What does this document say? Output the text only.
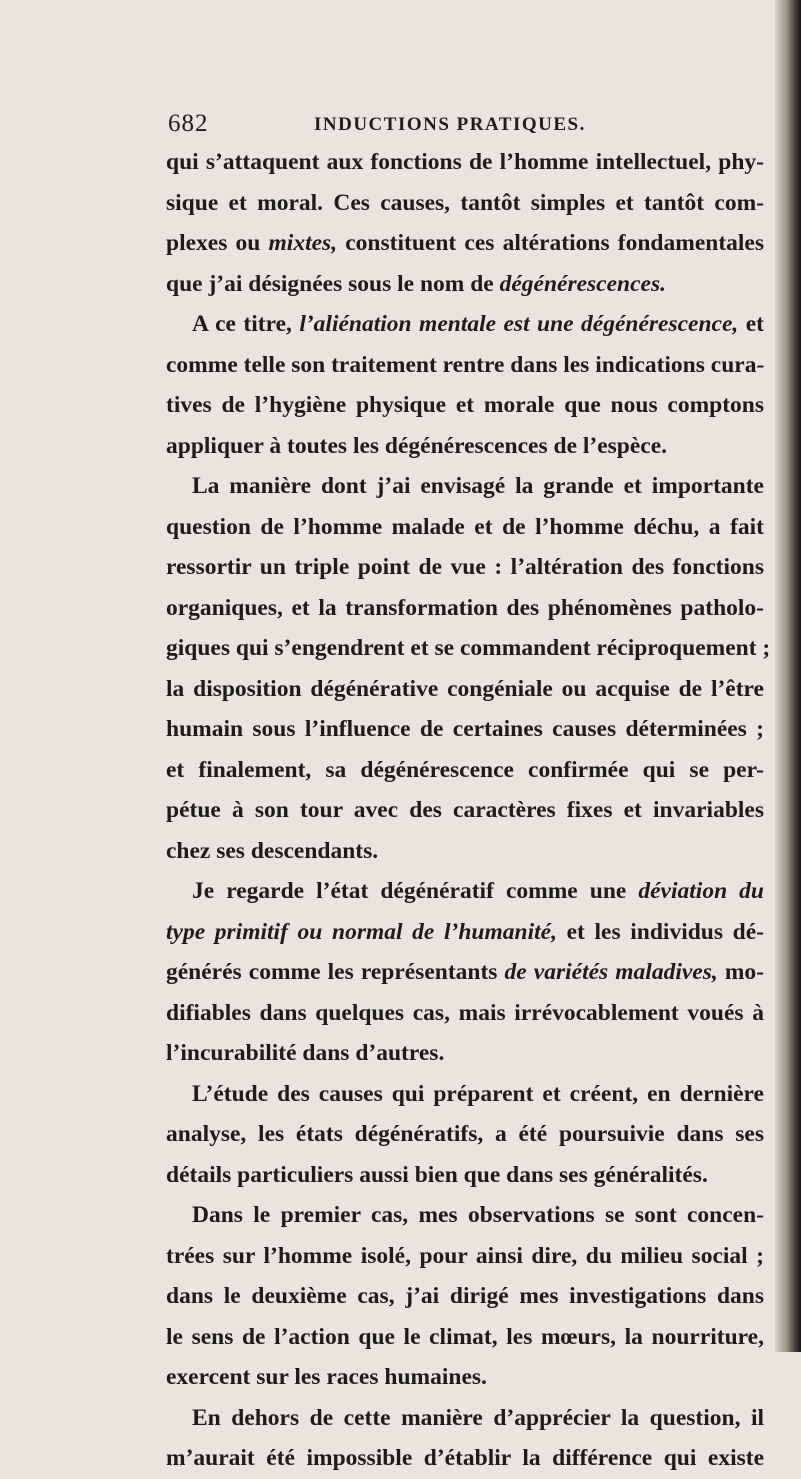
682	INDUCTIONS PRATIQUES.
qui s’attaquent aux fonctions de l’homme intellectuel, phy-
sique et moral. Ces causes, tantôt simples et tantôt com-
plexes ou mixtes, constituent ces altérations fondamentales
que j’ai désignées sous le nom de dégénérescences.
A ce titre, l’aliénation mentale est une dégénérescence, et
comme telle son traitement rentre dans les indications cura-
tives de l’hygiène physique et morale que nous comptons
appliquer à toutes les dégénérescences de l’espèce.
La manière dont j’ai envisagé la grande et importante
question de l’homme malade et de l’homme déchu, a fait
ressortir un triple point de vue : l’altération des fonctions
organiques, et la transformation des phénomènes patholo-
giques qui s’engendrent et se commandent réciproquement ;
la disposition dégénérative congéniale ou acquise de l’être
humain sous l’influence de certaines causes déterminées ;
et finalement, sa dégénérescence confirmée qui se per-
pétue à son tour avec des caractères fixes et invariables
chez ses descendants.
Je regarde l’état dégénératif comme une déviation du
type primitif ou normal de l’humanité, et les individus dé-
générés comme les représentants de variétés maladives, mo-
difiables dans quelques cas, mais irrévocablement voués à
l’incurabilité dans d’autres.
L’étude des causes qui préparent et créent, en dernière
analyse, les états dégénératifs, a été poursuivie dans ses
détails particuliers aussi bien que dans ses généralités.
Dans le premier cas, mes observations se sont concen-
trées sur l’homme isolé, pour ainsi dire, du milieu social ;
dans le deuxième cas, j’ai dirigé mes investigations dans
le sens de l’action que le climat, les mœurs, la nourriture,
exercent sur les races humaines.
En dehors de cette manière d’apprécier la question, il
m’aurait été impossible d’établir la différence qui existe
